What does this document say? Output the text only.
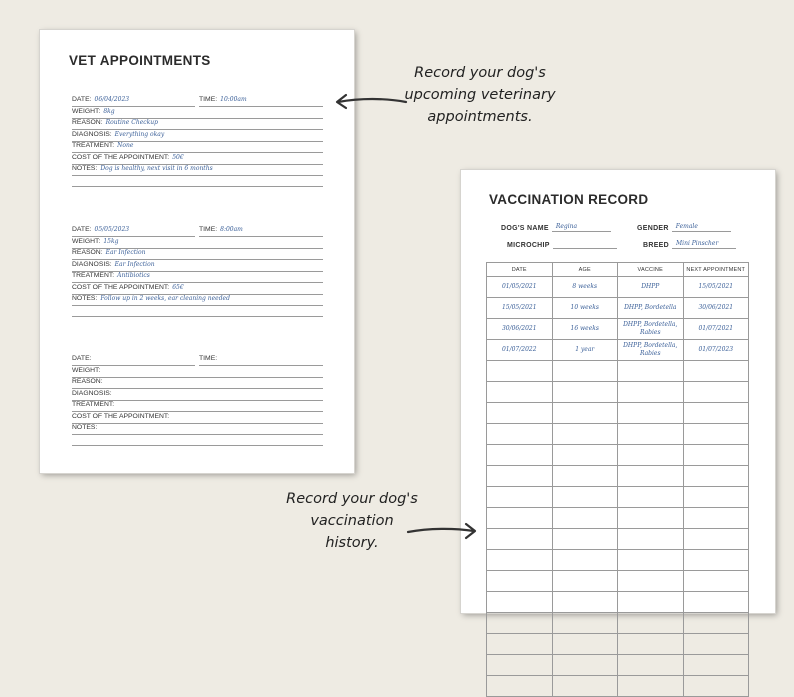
VET APPOINTMENTS
DATE: 06/04/2023	TIME: 10:00am
WEIGHT: 8kg
REASON: Routine Checkup
DIAGNOSIS: Everything okay
TREATMENT: None
COST OF THE APPOINTMENT: 50€
NOTES: Dog is healthy, next visit in 6 months
DATE: 05/05/2023	TIME: 8:00am
WEIGHT: 15kg
REASON: Ear Infection
DIAGNOSIS: Ear Infection
TREATMENT: Antibiotics
COST OF THE APPOINTMENT: 65€
NOTES: Follow up in 2 weeks, ear cleaning needed
DATE:	TIME:
WEIGHT:
REASON:
DIAGNOSIS:
TREATMENT:
COST OF THE APPOINTMENT:
NOTES:
VACCINATION RECORD
DOG'S NAME Regina	GENDER Female
MICROCHIP	BREED Mini Pinscher
DATE	AGE	VACCINE	NEXT APPOINTMENT
01/05/2021	8 weeks	DHPP	15/05/2021
15/05/2021	10 weeks	DHPP, Bordetella	30/06/2021
30/06/2021	16 weeks	DHPP, Bordetella, Rabies	01/07/2021
01/07/2022	1 year	DHPP, Bordetella, Rabies	01/07/2023

Record your dog's
upcoming veterinary
appointments.

Record your dog's
vaccination
history.
